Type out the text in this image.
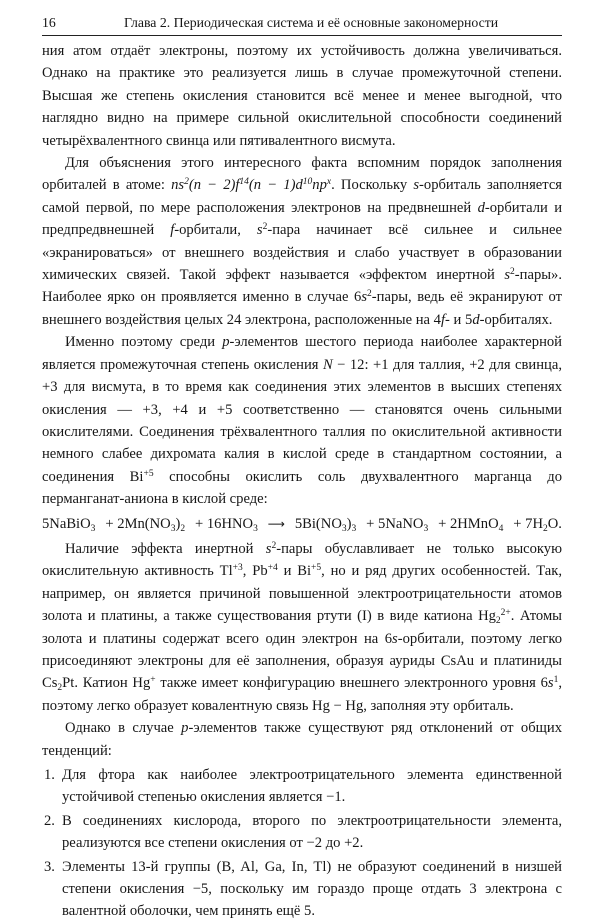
16	Глава 2. Периодическая система и её основные закономерности

ния атом отдаёт электроны, поэтому их устойчивость должна увеличиваться. Однако на практике это реализуется лишь в случае промежуточной степени. Высшая же степень окисления становится всё менее и менее выгодной, что наглядно видно на примере сильной окислительной способности соединений четырёхвалентного свинца или пятивалентного висмута.

Для объяснения этого интересного факта вспомним порядок заполнения орбиталей в атоме: $ns^2(n - 2)f^{14}(n - 1)d^{10}np^x$. Поскольку s-орбиталь заполняется самой первой, по мере расположения электронов на предвнешней d-орбитали и предпредвнешней f-орбитали, $s^2$-пара начинает всё сильнее и сильнее «экранироваться» от внешнего воздействия и слабо участвует в образовании химических связей. Такой эффект называется «эффектом инертной $s^2$-пары». Наиболее ярко он проявляется именно в случае $6s^2$-пары, ведь её экранируют от внешнего воздействия целых 24 электрона, расположенные на 4f- и 5d-орбиталях.

Именно поэтому среди p-элементов шестого периода наиболее характерной является промежуточная степень окисления N − 12: +1 для таллия, +2 для свинца, +3 для висмута, в то время как соединения этих элементов в высших степенях окисления — +3, +4 и +5 соответственно — становятся очень сильными окислителями. Соединения трёхвалентного таллия по окислительной активности немного слабее дихромата калия в кислой среде в стандартном состоянии, а соединения $Bi^{+5}$ способны окислить соль двухвалентного марганца до перманганат-аниона в кислой среде:

5NaBiO$_3$ + $2Mn(NO_3)_2 + 16HNO_3$ ⟶ $5Bi(NO_3)_3$ + 5NaNO$_3$ + 2HMnO$_4$ + $7H_2O$.

Наличие эффекта инертной $s^2$-пары обуславливает не только высокую окислительную активность $Tl^{+3}$, $Pb^{+4}$ и $Bi^{+5}$, но и ряд других особенностей. Так, например, он является причиной повышенной электроотрицательности атомов золота и платины, а также существования ртути (I) в виде катиона $Hg_2^{2+}$. Атомы золота и платины содержат всего один электрон на 6s-орбитали, поэтому легко присоединяют электроны для её заполнения, образуя ауриды CsAu и платиниды $Cs_2Pt$. Катион Hg+ также имеет конфигурацию внешнего электронного уровня $6s^1$, поэтому легко образует ковалентную связь Hg − Hg, заполняя эту орбиталь.

Однако в случае p-элементов также существуют ряд отклонений от общих тенденций:

1. Для фтора как наиболее электроотрицательного элемента единственной устойчивой степенью окисления является −1.
2. В соединениях кислорода, второго по электроотрицательности элемента, реализуются все степени окисления от −2 до +2.
3. Элементы 13-й группы (B, Al, Ga, In, Tl) не образуют соединений в низшей степени окисления −5, поскольку им гораздо проще отдать 3 электрона с валентной оболочки, чем принять ещё 5.
